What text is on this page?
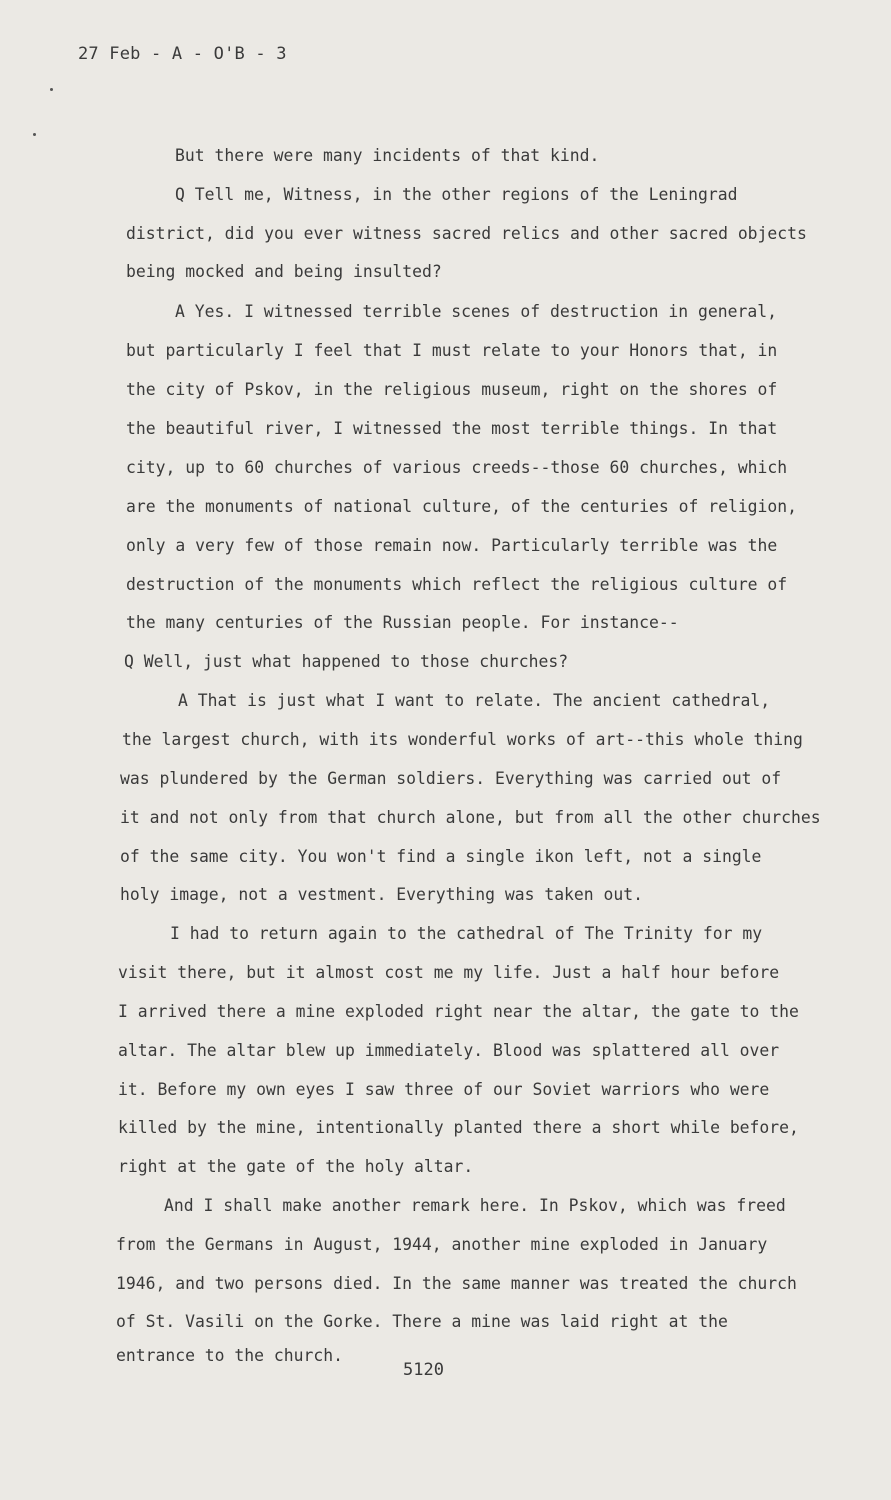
27 Feb - A - O'B - 3
But there were many incidents of that kind.
Q Tell me, Witness, in the other regions of the Leningrad
district, did you ever witness sacred relics and other sacred objects
being mocked and being insulted?
A Yes. I witnessed terrible scenes of destruction in general,
but particularly I feel that I must relate to your Honors that, in
the city of Pskov, in the religious museum, right on the shores of
the beautiful river, I witnessed the most terrible things. In that
city, up to 60 churches of various creeds--those 60 churches, which
are the monuments of national culture, of the centuries of religion,
only a very few of those remain now. Particularly terrible was the
destruction of the monuments which reflect the religious culture of
the many centuries of the Russian people. For instance--
Q Well, just what happened to those churches?
A That is just what I want to relate. The ancient cathedral,
the largest church, with its wonderful works of art--this whole thing
was plundered by the German soldiers. Everything was carried out of
it and not only from that church alone, but from all the other churches
of the same city. You won't find a single ikon left, not a single
holy image, not a vestment. Everything was taken out.
I had to return again to the cathedral of The Trinity for my
visit there, but it almost cost me my life. Just a half hour before
I arrived there a mine exploded right near the altar, the gate to the
altar. The altar blew up immediately. Blood was splattered all over
it. Before my own eyes I saw three of our Soviet warriors who were
killed by the mine, intentionally planted there a short while before,
right at the gate of the holy altar.
And I shall make another remark here. In Pskov, which was freed
from the Germans in August, 1944, another mine exploded in January
1946, and two persons died. In the same manner was treated the church
of St. Vasili on the Gorke. There a mine was laid right at the
entrance to the church.
5120
